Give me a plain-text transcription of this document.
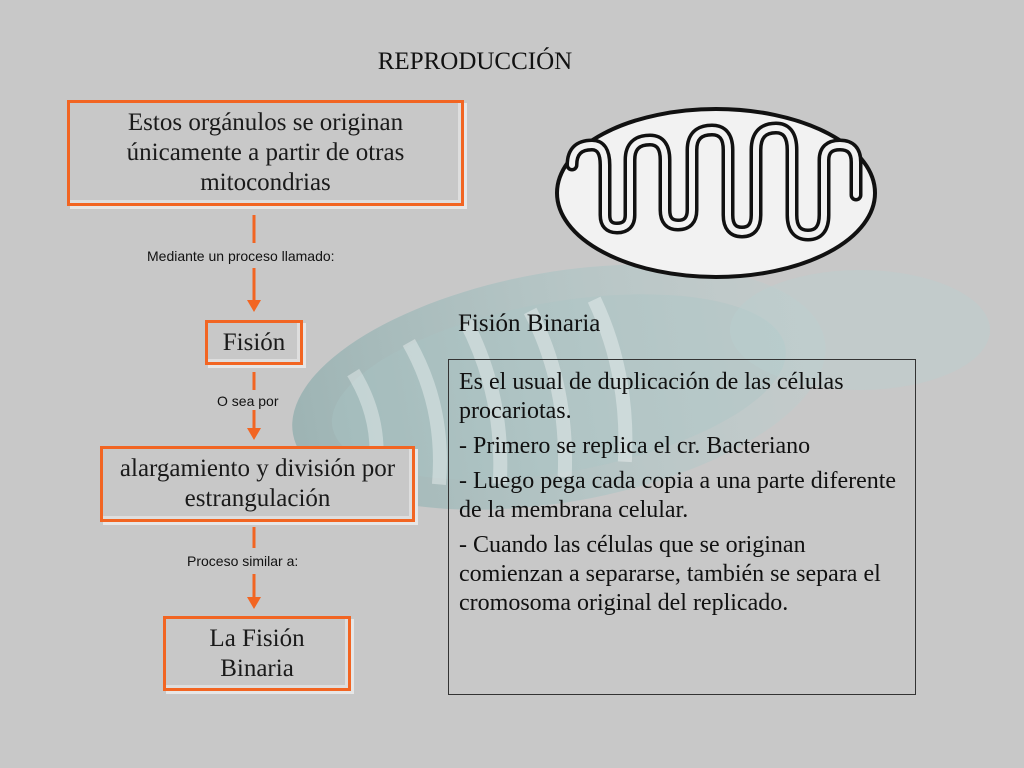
REPRODUCCIÓN
Estos orgánulos se originan únicamente a partir de otras mitocondrias
Mediante un proceso llamado:
Fisión
O sea por
alargamiento y división por estrangulación
Proceso similar a:
La Fisión Binaria
Fisión Binaria

Es el usual de duplicación de las células procariotas.

- Primero se replica el cr. Bacteriano

- Luego pega cada copia a una parte diferente de la membrana celular.

- Cuando las células que se originan comienzan a separarse, también se separa el cromosoma original del replicado.
